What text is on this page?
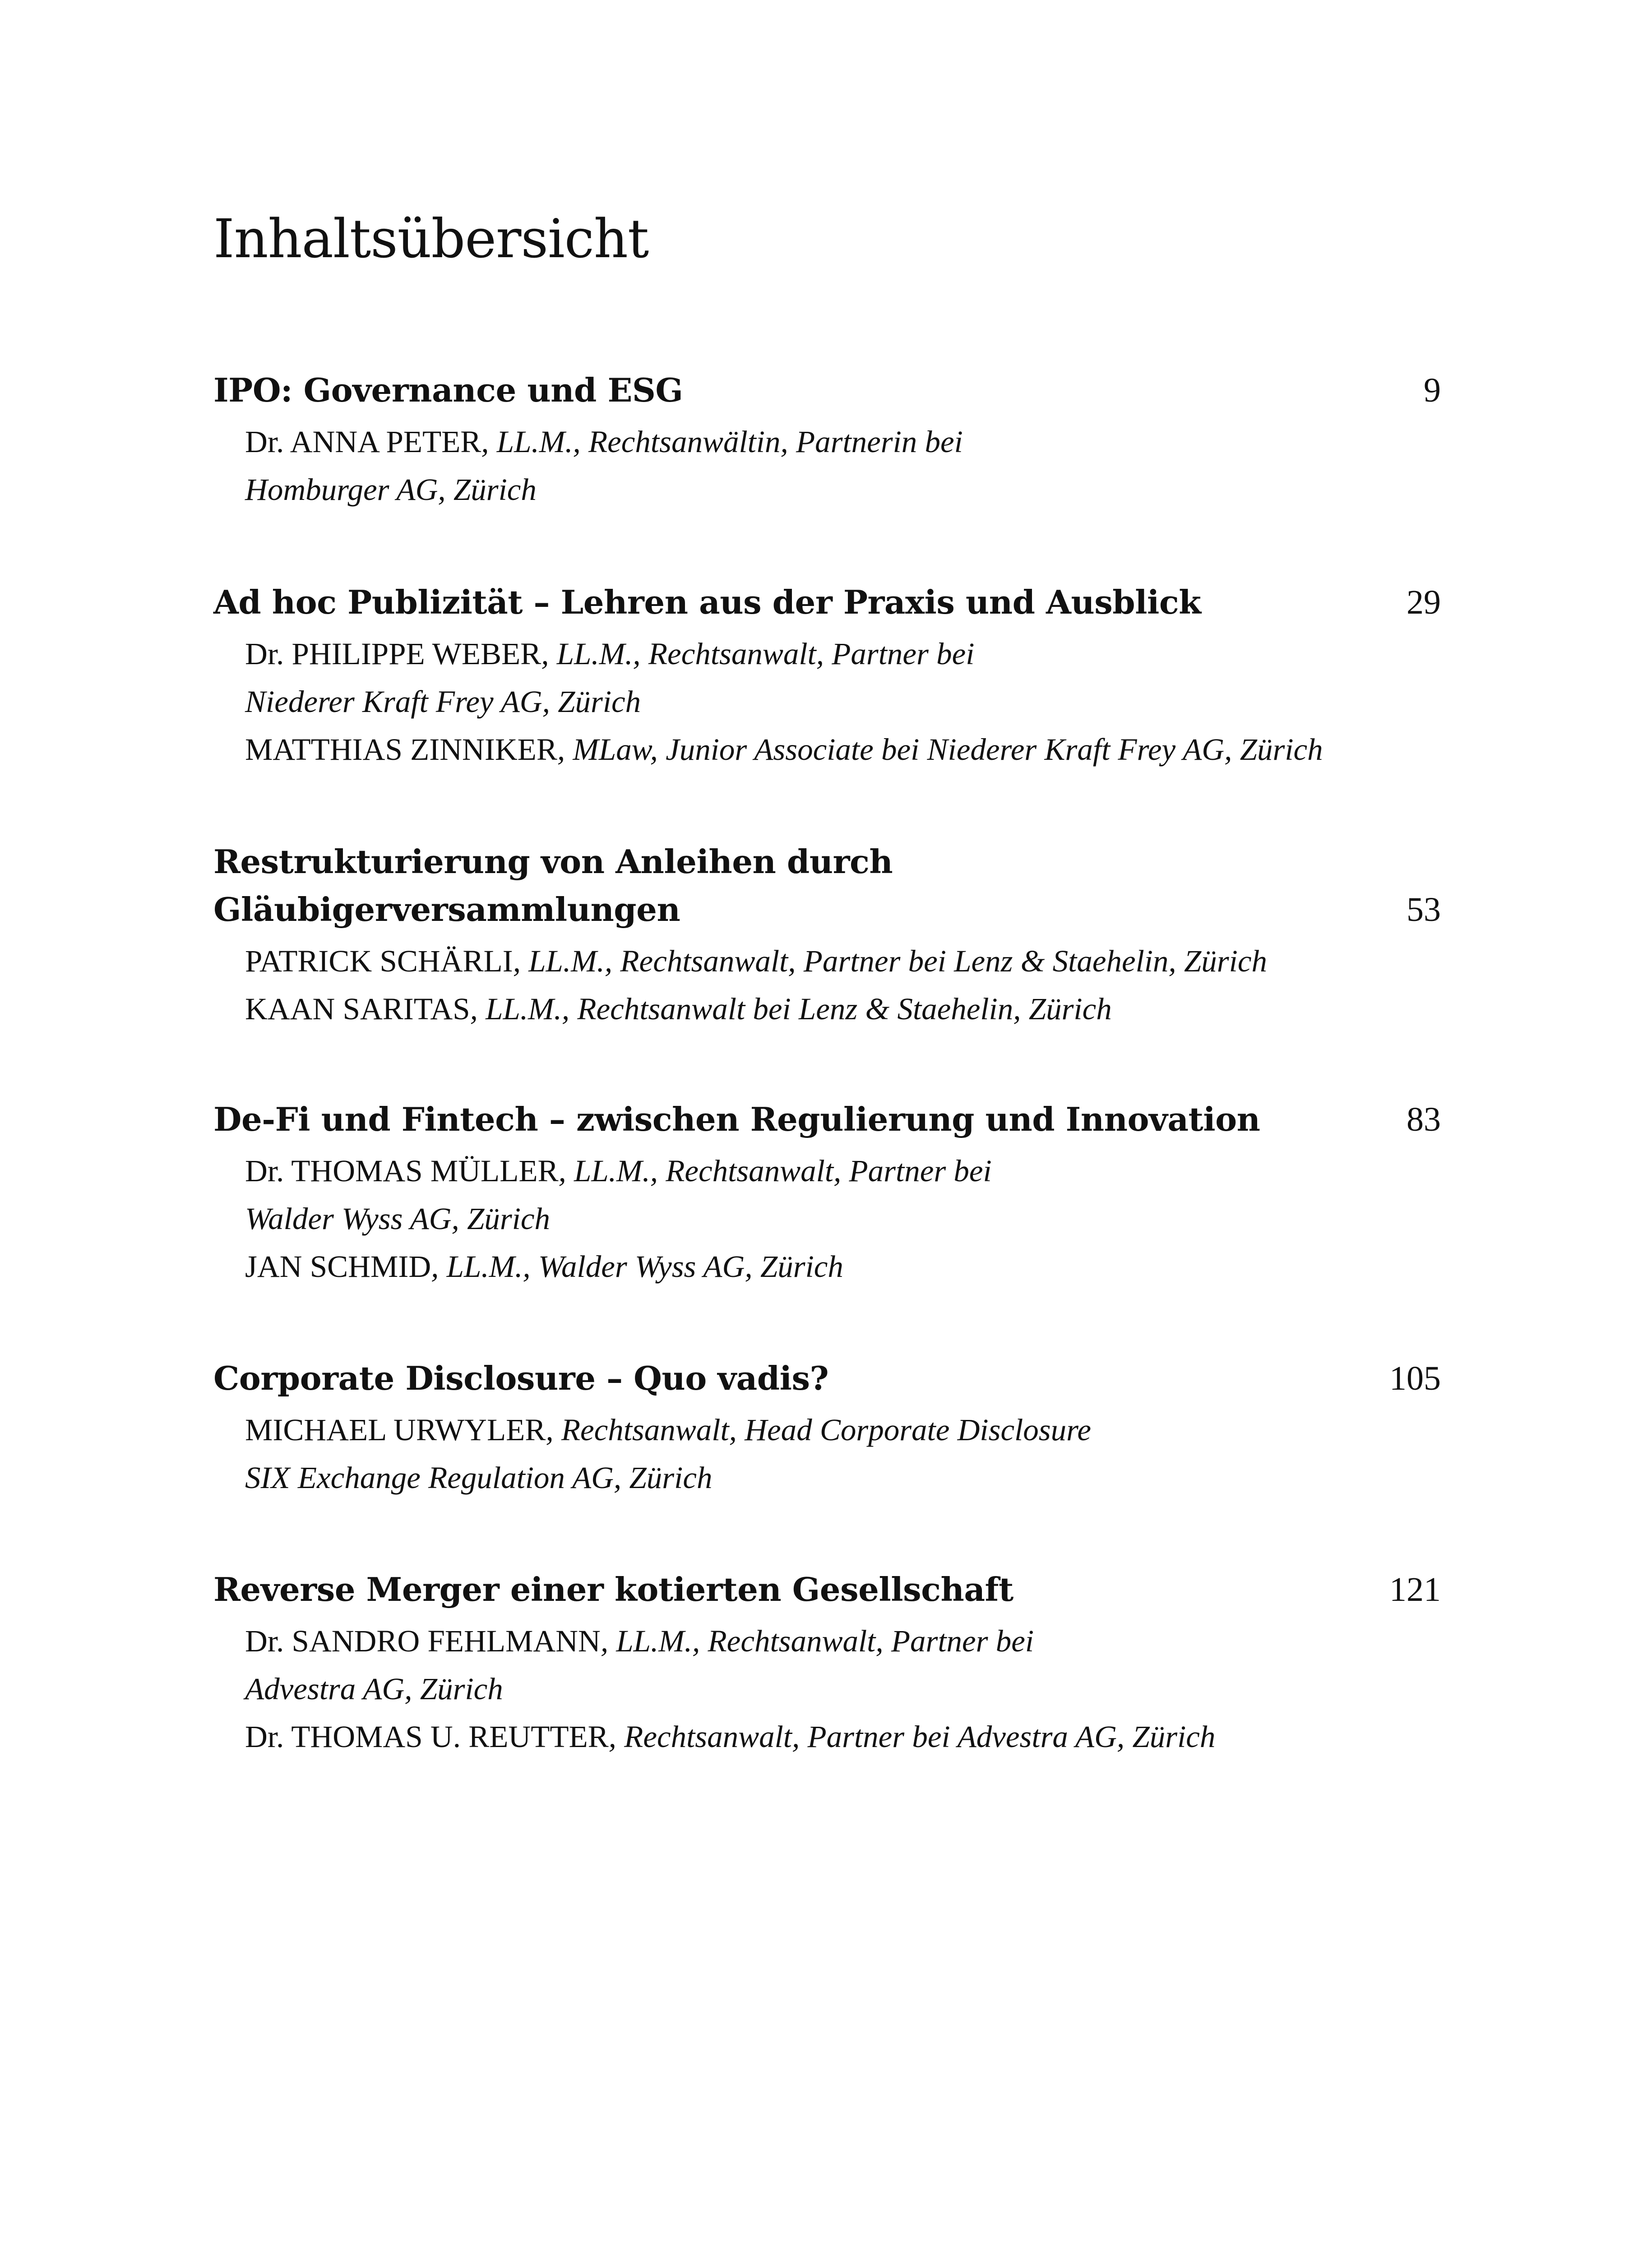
Inhaltsübersicht
9
IPO: Governance und ESG
Dr. ANNA PETER, LL.M., Rechtsanwältin, Partnerin bei
Homburger AG, Zürich
29
Ad hoc Publizität – Lehren aus der Praxis und Ausblick
Dr. PHILIPPE WEBER, LL.M., Rechtsanwalt, Partner bei
Niederer Kraft Frey AG, Zürich
MATTHIAS ZINNIKER, MLaw, Junior Associate bei Niederer Kraft Frey AG, Zürich
53
Restrukturierung von Anleihen durch
Gläubigerversammlungen
PATRICK SCHÄRLI, LL.M., Rechtsanwalt, Partner bei Lenz & Staehelin, Zürich
KAAN SARITAS, LL.M., Rechtsanwalt bei Lenz & Staehelin, Zürich
83
De-Fi und Fintech – zwischen Regulierung und Innovation
Dr. THOMAS MÜLLER, LL.M., Rechtsanwalt, Partner bei
Walder Wyss AG, Zürich
JAN SCHMID, LL.M., Walder Wyss AG, Zürich
105
Corporate Disclosure – Quo vadis?
MICHAEL URWYLER, Rechtsanwalt, Head Corporate Disclosure
SIX Exchange Regulation AG, Zürich
121
Reverse Merger einer kotierten Gesellschaft
Dr. SANDRO FEHLMANN, LL.M., Rechtsanwalt, Partner bei
Advestra AG, Zürich
Dr. THOMAS U. REUTTER, Rechtsanwalt, Partner bei Advestra AG, Zürich
